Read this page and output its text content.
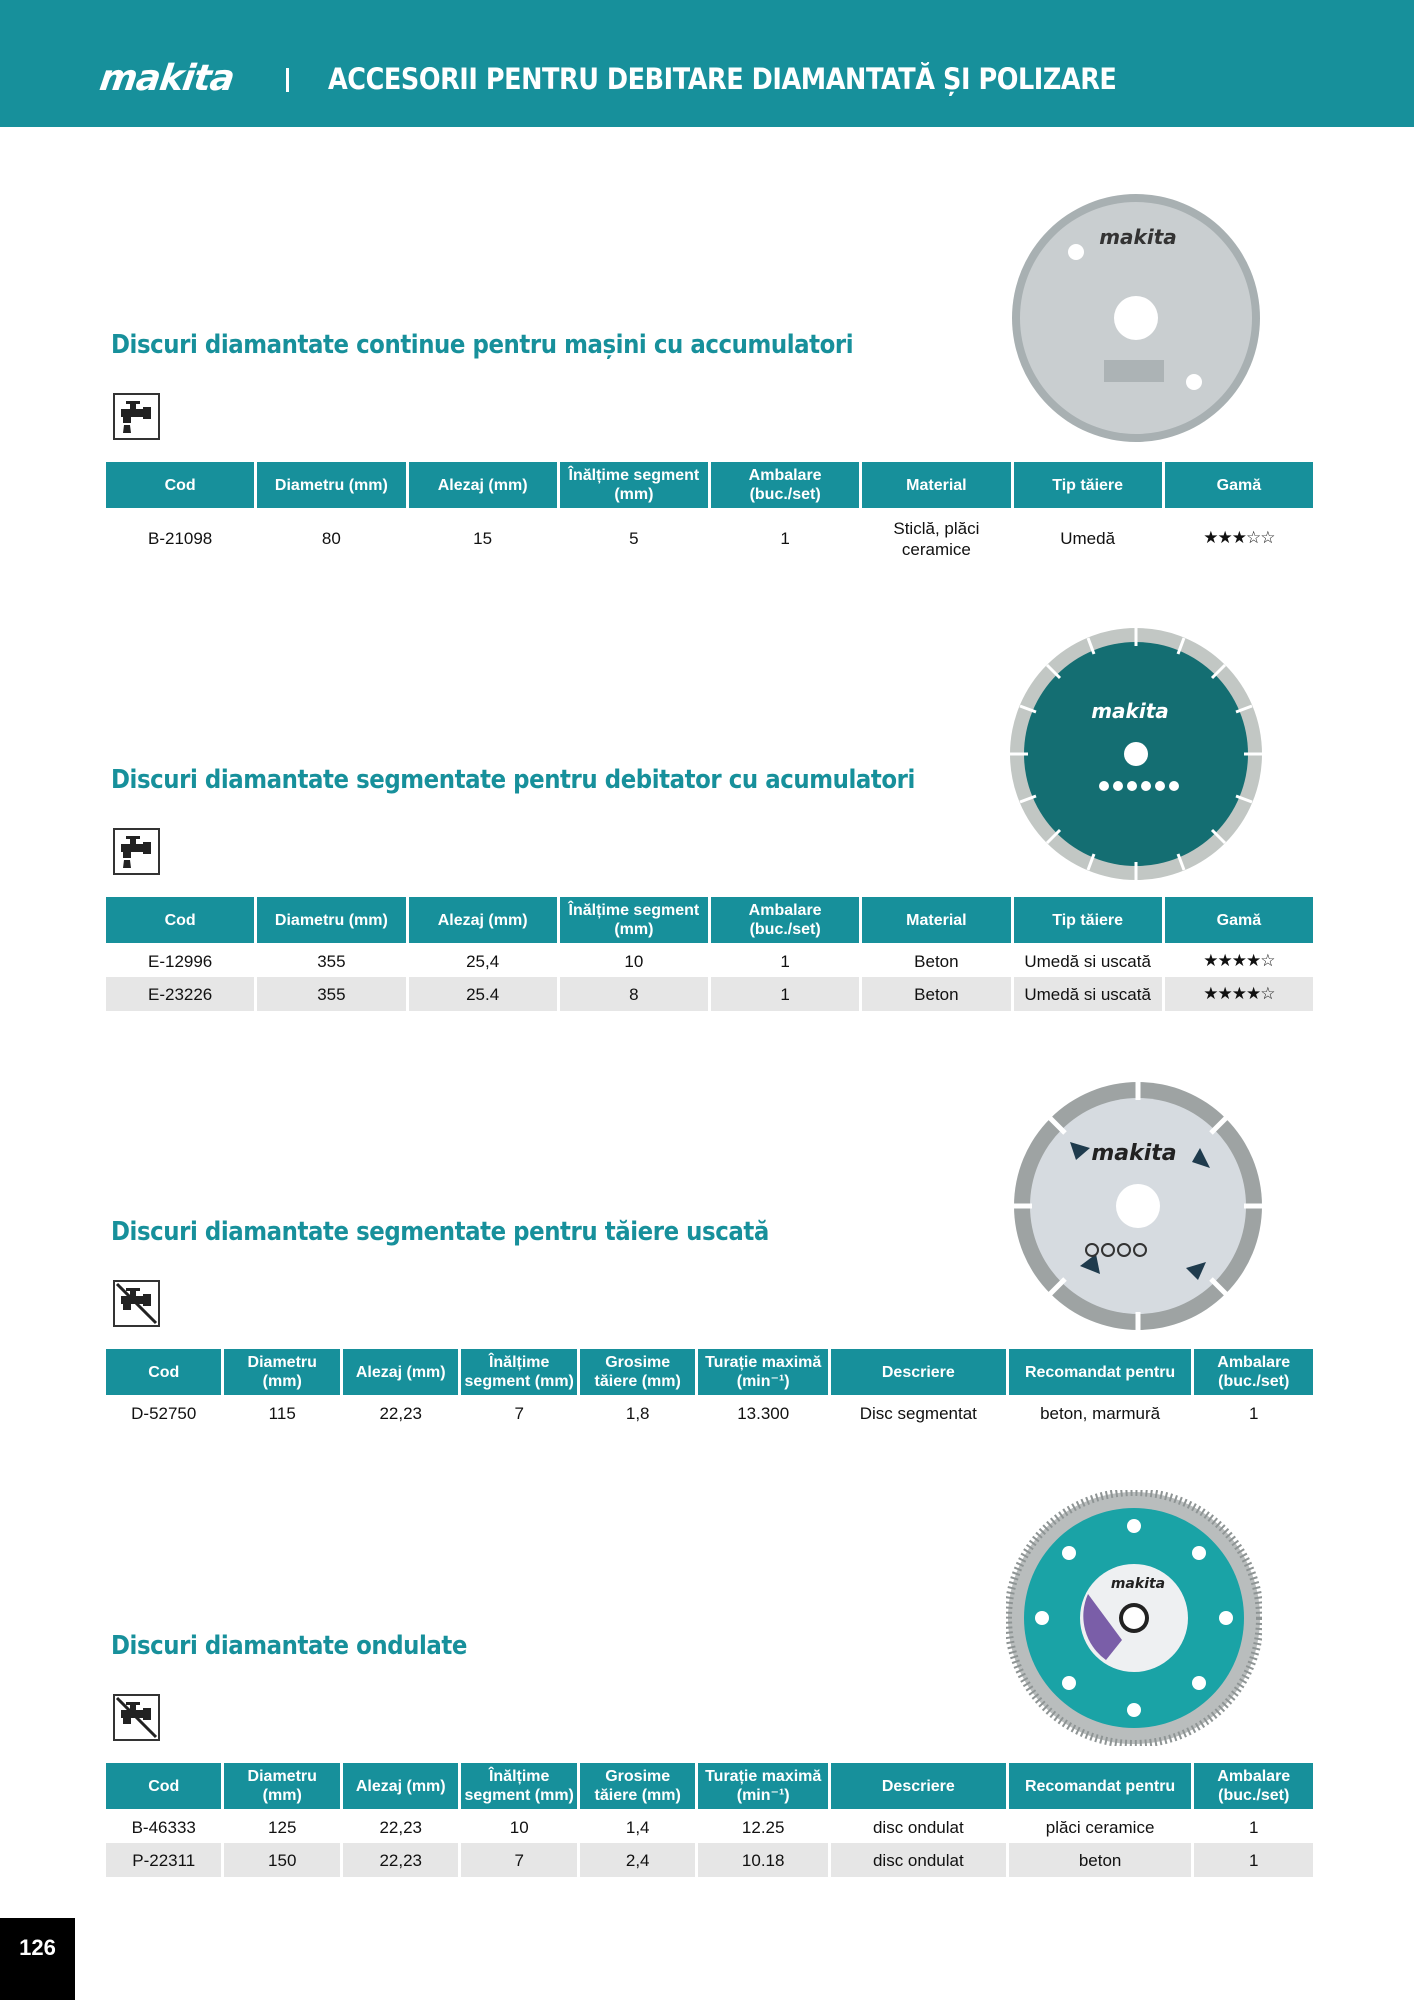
makita	ACCESORII PENTRU DEBITARE DIAMANTATĂ ȘI POLIZARE
Discuri diamantate continue pentru mașini cu accumulatori
makita
Cod	Diametru (mm)	Alezaj (mm)	Înălțime segment (mm)	Ambalare (buc./set)	Material	Tip tăiere	Gamă
B-21098	80	15	5	1	Sticlă, plăci ceramice	Umedă	★★★☆☆
Discuri diamantate segmentate pentru debitator cu acumulatori
makita
Cod	Diametru (mm)	Alezaj (mm)	Înălțime segment (mm)	Ambalare (buc./set)	Material	Tip tăiere	Gamă
E-12996	355	25,4	10	1	Beton	Umedă si uscată	★★★★☆
E-23226	355	25.4	8	1	Beton	Umedă si uscată	★★★★☆
Discuri diamantate segmentate pentru tăiere uscată
makita
Cod	Diametru (mm)	Alezaj (mm)	Înălțime segment (mm)	Grosime tăiere (mm)	Turație maximă (min⁻¹)	Descriere	Recomandat pentru	Ambalare (buc./set)
D-52750	115	22,23	7	1,8	13.300	Disc segmentat	beton, marmură	1
Discuri diamantate ondulate
makita
Cod	Diametru (mm)	Alezaj (mm)	Înălțime segment (mm)	Grosime tăiere (mm)	Turație maximă (min⁻¹)	Descriere	Recomandat pentru	Ambalare (buc./set)
B-46333	125	22,23	10	1,4	12.25	disc ondulat	plăci ceramice	1
P-22311	150	22,23	7	2,4	10.18	disc ondulat	beton	1
126
